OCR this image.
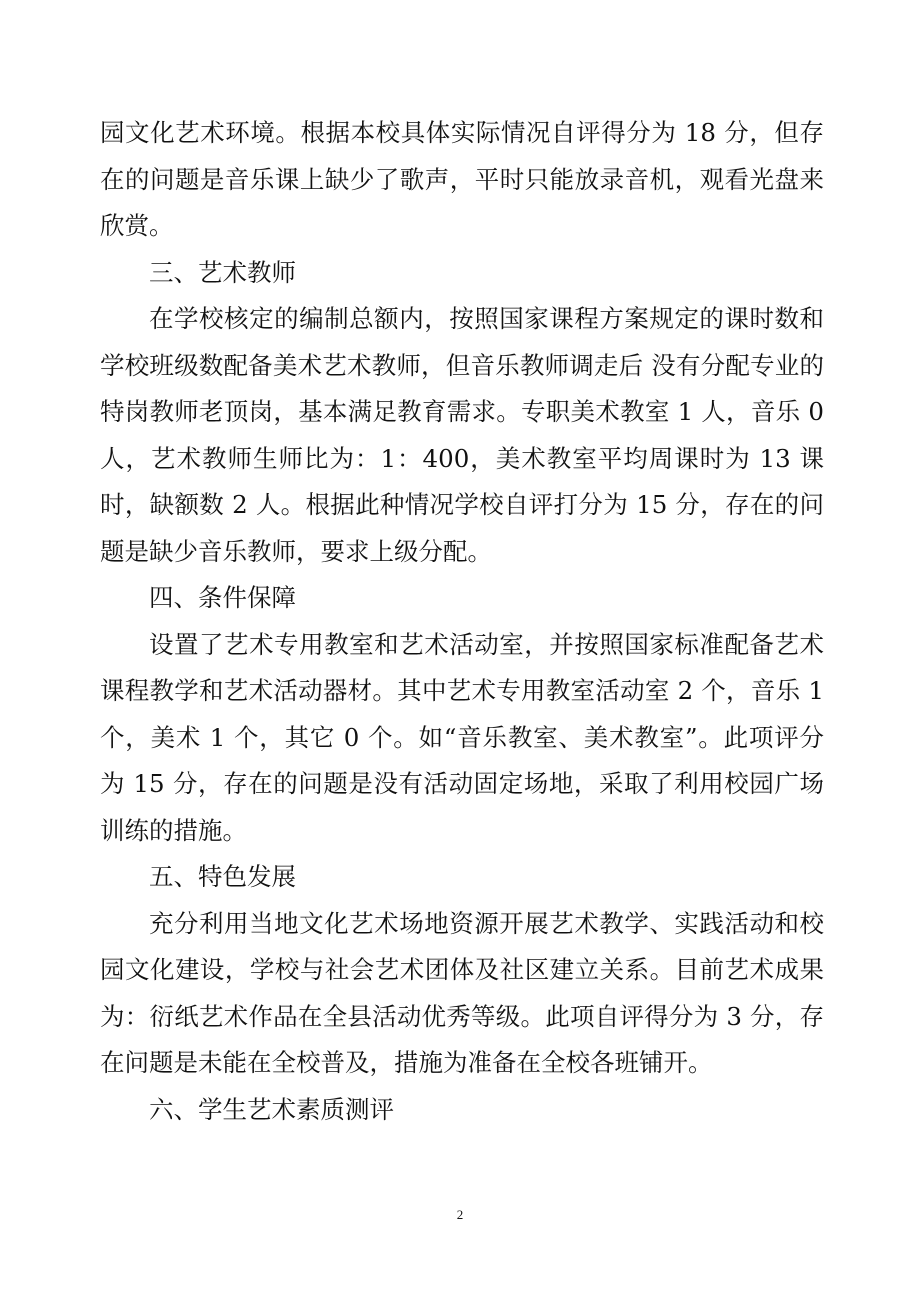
园文化艺术环境。根据本校具体实际情况自评得分为 18 分，但存在的问题是音乐课上缺少了歌声，平时只能放录音机，观看光盘来欣赏。

三、艺术教师

在学校核定的编制总额内，按照国家课程方案规定的课时数和学校班级数配备美术艺术教师，但音乐教师调走后 没有分配专业的特岗教师老顶岗，基本满足教育需求。专职美术教室 1 人，音乐 0 人，艺术教师生师比为：1：400，美术教室平均周课时为 13 课时，缺额数 2 人。根据此种情况学校自评打分为 15 分，存在的问题是缺少音乐教师，要求上级分配。

四、条件保障

设置了艺术专用教室和艺术活动室，并按照国家标准配备艺术课程教学和艺术活动器材。其中艺术专用教室活动室 2 个，音乐 1 个，美术 1 个，其它 0 个。如“音乐教室、美术教室”。此项评分为 15 分，存在的问题是没有活动固定场地，采取了利用校园广场训练的措施。

五、特色发展

充分利用当地文化艺术场地资源开展艺术教学、实践活动和校园文化建设，学校与社会艺术团体及社区建立关系。目前艺术成果为：衍纸艺术作品在全县活动优秀等级。此项自评得分为 3 分，存在问题是未能在全校普及，措施为准备在全校各班铺开。

六、学生艺术素质测评

2
